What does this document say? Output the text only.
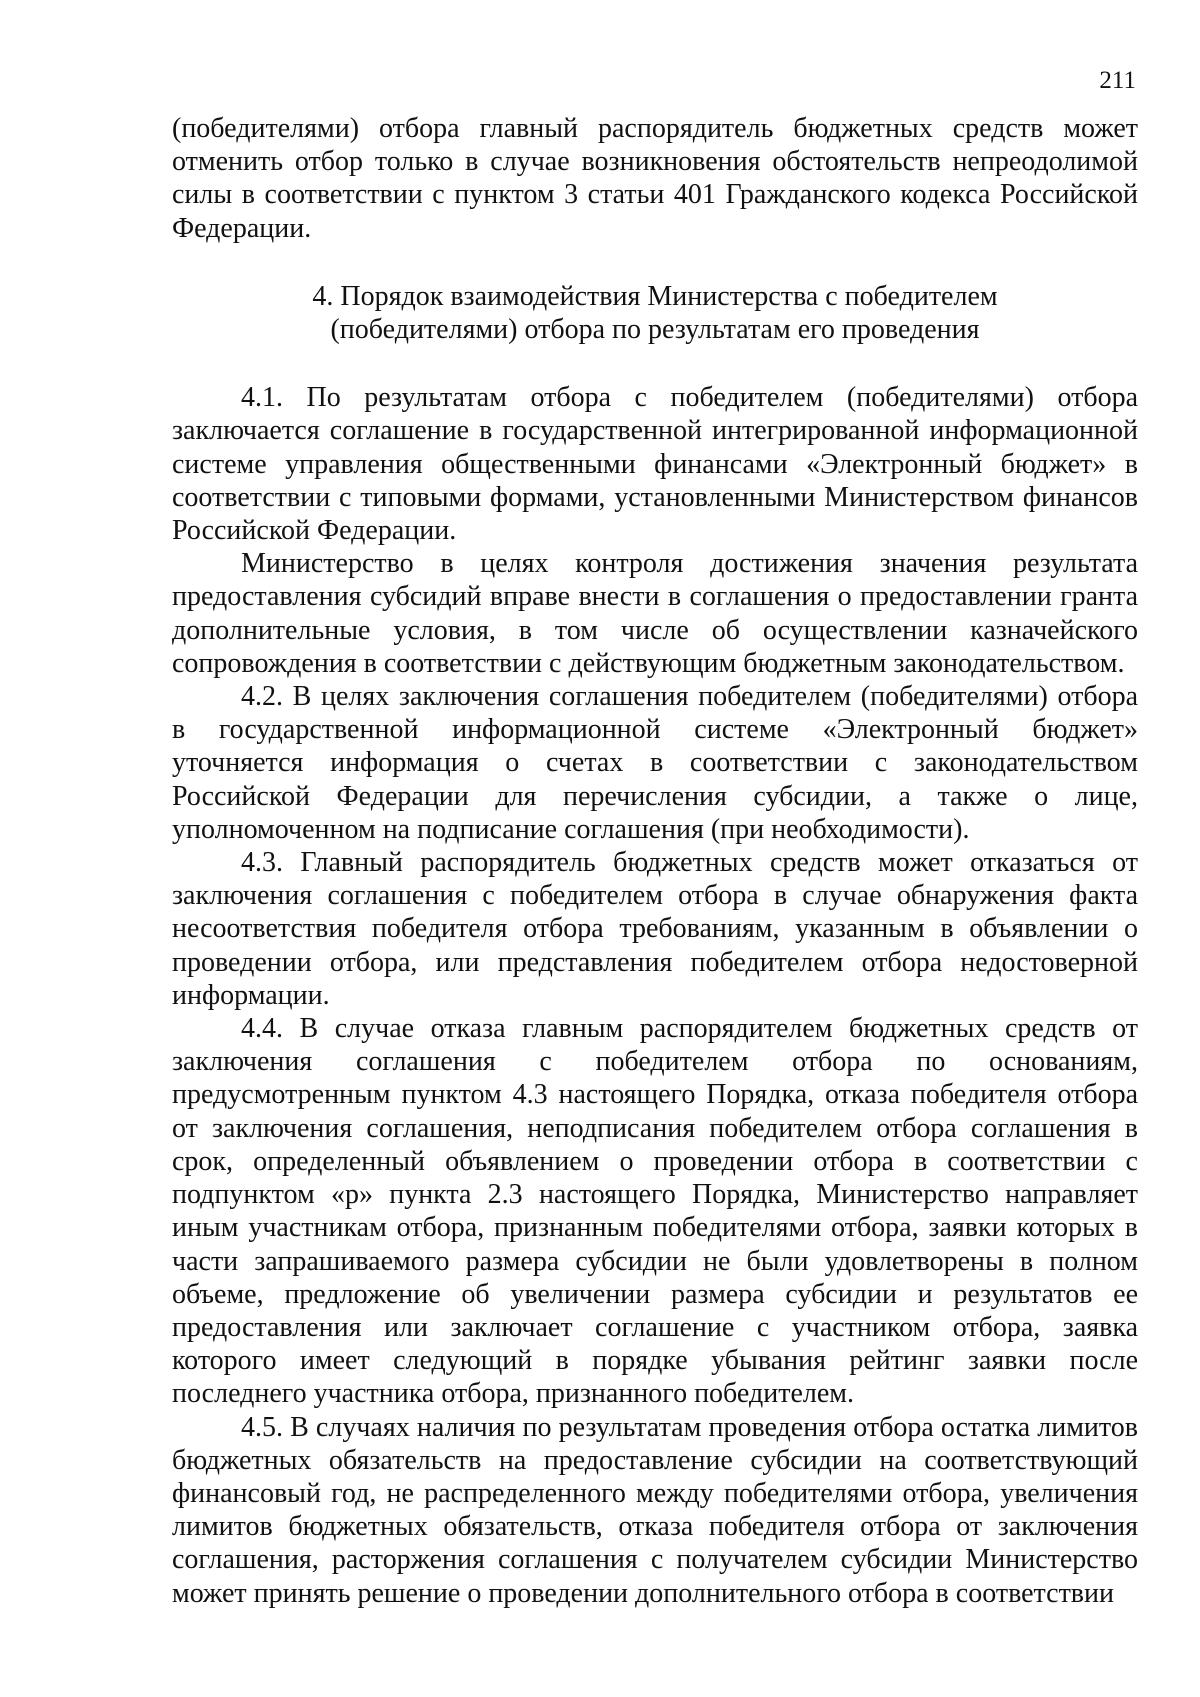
211

(победителями) отбора главный распорядитель бюджетных средств может отменить отбор только в случае возникновения обстоятельств непреодолимой силы в соответствии с пунктом 3 статьи 401 Гражданского кодекса Российской Федерации.

4. Порядок взаимодействия Министерства с победителем
(победителями) отбора по результатам его проведения

4.1. По результатам отбора с победителем (победителями) отбора заключается соглашение в государственной интегрированной информационной системе управления общественными финансами «Электронный бюджет» в соответствии с типовыми формами, установленными Министерством финансов Российской Федерации.

Министерство в целях контроля достижения значения результата предоставления субсидий вправе внести в соглашения о предоставлении гранта дополнительные условия, в том числе об осуществлении казначейского сопровождения в соответствии с действующим бюджетным законодательством.

4.2. В целях заключения соглашения победителем (победителями) отбора в государственной информационной системе «Электронный бюджет» уточняется информация о счетах в соответствии с законодательством Российской Федерации для перечисления субсидии, а также о лице, уполномоченном на подписание соглашения (при необходимости).

4.3. Главный распорядитель бюджетных средств может отказаться от заключения соглашения с победителем отбора в случае обнаружения факта несоответствия победителя отбора требованиям, указанным в объявлении о проведении отбора, или представления победителем отбора недостоверной информации.

4.4. В случае отказа главным распорядителем бюджетных средств от заключения соглашения с победителем отбора по основаниям, предусмотренным пунктом 4.3 настоящего Порядка, отказа победителя отбора от заключения соглашения, неподписания победителем отбора соглашения в срок, определенный объявлением о проведении отбора в соответствии с подпунктом «р» пункта 2.3 настоящего Порядка, Министерство направляет иным участникам отбора, признанным победителями отбора, заявки которых в части запрашиваемого размера субсидии не были удовлетворены в полном объеме, предложение об увеличении размера субсидии и результатов ее предоставления или заключает соглашение с участником отбора, заявка которого имеет следующий в порядке убывания рейтинг заявки после последнего участника отбора, признанного победителем.

4.5. В случаях наличия по результатам проведения отбора остатка лимитов бюджетных обязательств на предоставление субсидии на соответствующий финансовый год, не распределенного между победителями отбора, увеличения лимитов бюджетных обязательств, отказа победителя отбора от заключения соглашения, расторжения соглашения с получателем субсидии Министерство может принять решение о проведении дополнительного отбора в соответствии
